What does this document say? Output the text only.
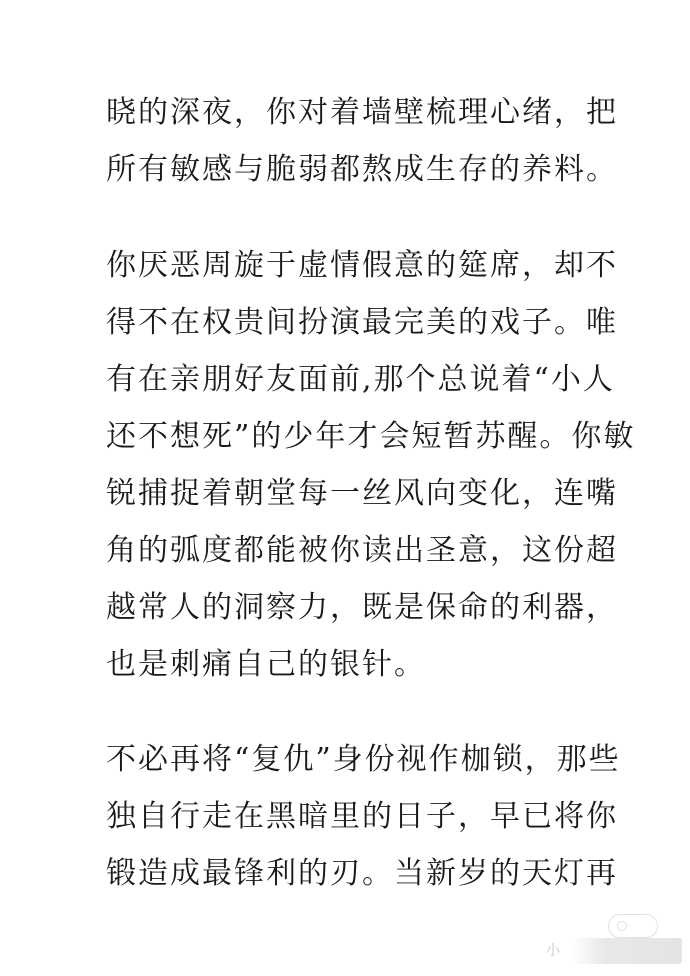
晓的深夜，你对着墙壁梳理心绪，把
所有敏感与脆弱都熬成生存的养料。
你厌恶周旋于虚情假意的筵席，却不
得不在权贵间扮演最完美的戏子。唯
有在亲朋好友面前,那个总说着“小人
还不想死”的少年才会短暂苏醒。你敏
锐捕捉着朝堂每一丝风向变化，连嘴
角的弧度都能被你读出圣意，这份超
越常人的洞察力，既是保命的利器，
也是刺痛自己的银针。
不必再将“复仇”身份视作枷锁，那些
独自行走在黑暗里的日子，早已将你
锻造成最锋利的刃。当新岁的天灯再
小
